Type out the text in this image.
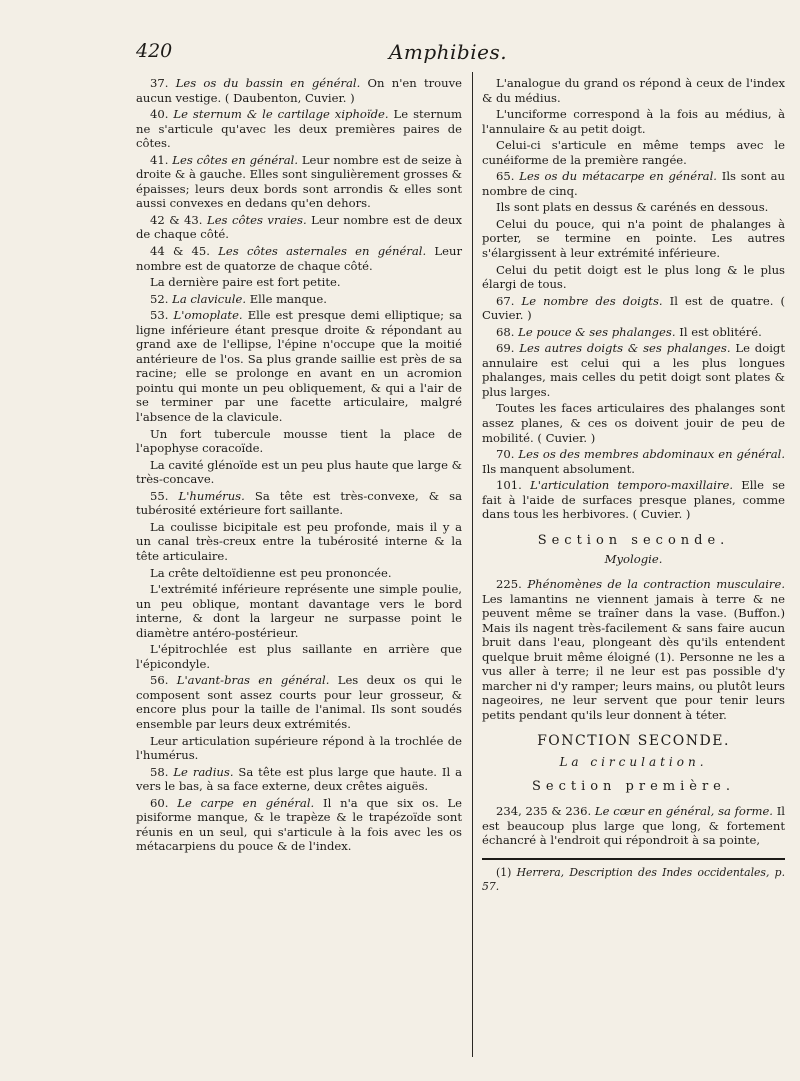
420	Amphibies.

37. Les os du bassin en général. On n'en trouve aucun vestige. ( Daubenton, Cuvier. )

40. Le sternum & le cartilage xiphoïde. Le sternum ne s'articule qu'avec les deux premières paires de côtes.

41. Les côtes en général. Leur nombre est de seize à droite & à gauche. Elles sont singulièrement grosses & épaisses; leurs deux bords sont arrondis & elles sont aussi convexes en dedans qu'en dehors.

42 & 43. Les côtes vraies. Leur nombre est de deux de chaque côté.

44 & 45. Les côtes asternales en général. Leur nombre est de quatorze de chaque côté.

La dernière paire est fort petite.

52. La clavicule. Elle manque.

53. L'omoplate. Elle est presque demi elliptique; sa ligne inférieure étant presque droite & répondant au grand axe de l'ellipse, l'épine n'occupe que la moitié antérieure de l'os. Sa plus grande saillie est près de sa racine; elle se prolonge en avant en un acromion pointu qui monte un peu obliquement, & qui a l'air de se terminer par une facette articulaire, malgré l'absence de la clavicule.

Un fort tubercule mousse tient la place de l'apophyse coracoïde.

La cavité glénoïde est un peu plus haute que large & très-concave.

55. L'humérus. Sa tête est très-convexe, & sa tubérosité extérieure fort saillante.

La coulisse bicipitale est peu profonde, mais il y a un canal très-creux entre la tubérosité interne & la tête articulaire.

La crête deltoïdienne est peu prononcée.

L'extrémité inférieure représente une simple poulie, un peu oblique, montant davantage vers le bord interne, & dont la largeur ne surpasse point le diamètre antéro-postérieur.

L'épitrochlée est plus saillante en arrière que l'épicondyle.

56. L'avant-bras en général. Les deux os qui le composent sont assez courts pour leur grosseur, & encore plus pour la taille de l'animal. Ils sont soudés ensemble par leurs deux extrémités.

Leur articulation supérieure répond à la trochlée de l'humérus.

58. Le radius. Sa tête est plus large que haute. Il a vers le bas, à sa face externe, deux crêtes aiguës.

60. Le carpe en général. Il n'a que six os. Le pisiforme manque, & le trapèze & le trapézoïde sont réunis en un seul, qui s'articule à la fois avec les os métacarpiens du pouce & de l'index.

L'analogue du grand os répond à ceux de l'index & du médius.

L'unciforme correspond à la fois au médius, à l'annulaire & au petit doigt.

Celui-ci s'articule en même temps avec le cunéiforme de la première rangée.

65. Les os du métacarpe en général. Ils sont au nombre de cinq.

Ils sont plats en dessus & carénés en dessous.

Celui du pouce, qui n'a point de phalanges à porter, se termine en pointe. Les autres s'élargissent à leur extrémité inférieure.

Celui du petit doigt est le plus long & le plus élargi de tous.

67. Le nombre des doigts. Il est de quatre. ( Cuvier. )

68. Le pouce & ses phalanges. Il est oblitéré.

69. Les autres doigts & ses phalanges. Le doigt annulaire est celui qui a les plus longues phalanges, mais celles du petit doigt sont plates & plus larges.

Toutes les faces articulaires des phalanges sont assez planes, & ces os doivent jouir de peu de mobilité. ( Cuvier. )

70. Les os des membres abdominaux en général. Ils manquent absolument.

101. L'articulation temporo-maxillaire. Elle se fait à l'aide de surfaces presque planes, comme dans tous les herbivores. ( Cuvier. )

Section seconde.
Myologie.

225. Phénomènes de la contraction musculaire. Les lamantins ne viennent jamais à terre & ne peuvent même se traîner dans la vase. (Buffon.) Mais ils nagent très-facilement & sans faire aucun bruit dans l'eau, plongeant dès qu'ils entendent quelque bruit même éloigné (1). Personne ne les a vus aller à terre; il ne leur est pas possible d'y marcher ni d'y ramper; leurs mains, ou plutôt leurs nageoires, ne leur servent que pour tenir leurs petits pendant qu'ils leur donnent à téter.

FONCTION SECONDE.
La circulation.
Section première.

234, 235 & 236. Le cœur en général, sa forme. Il est beaucoup plus large que long, & fortement échancré à l'endroit qui répondroit à sa pointe,

(1) Herrera, Description des Indes occidentales, p. 57.
